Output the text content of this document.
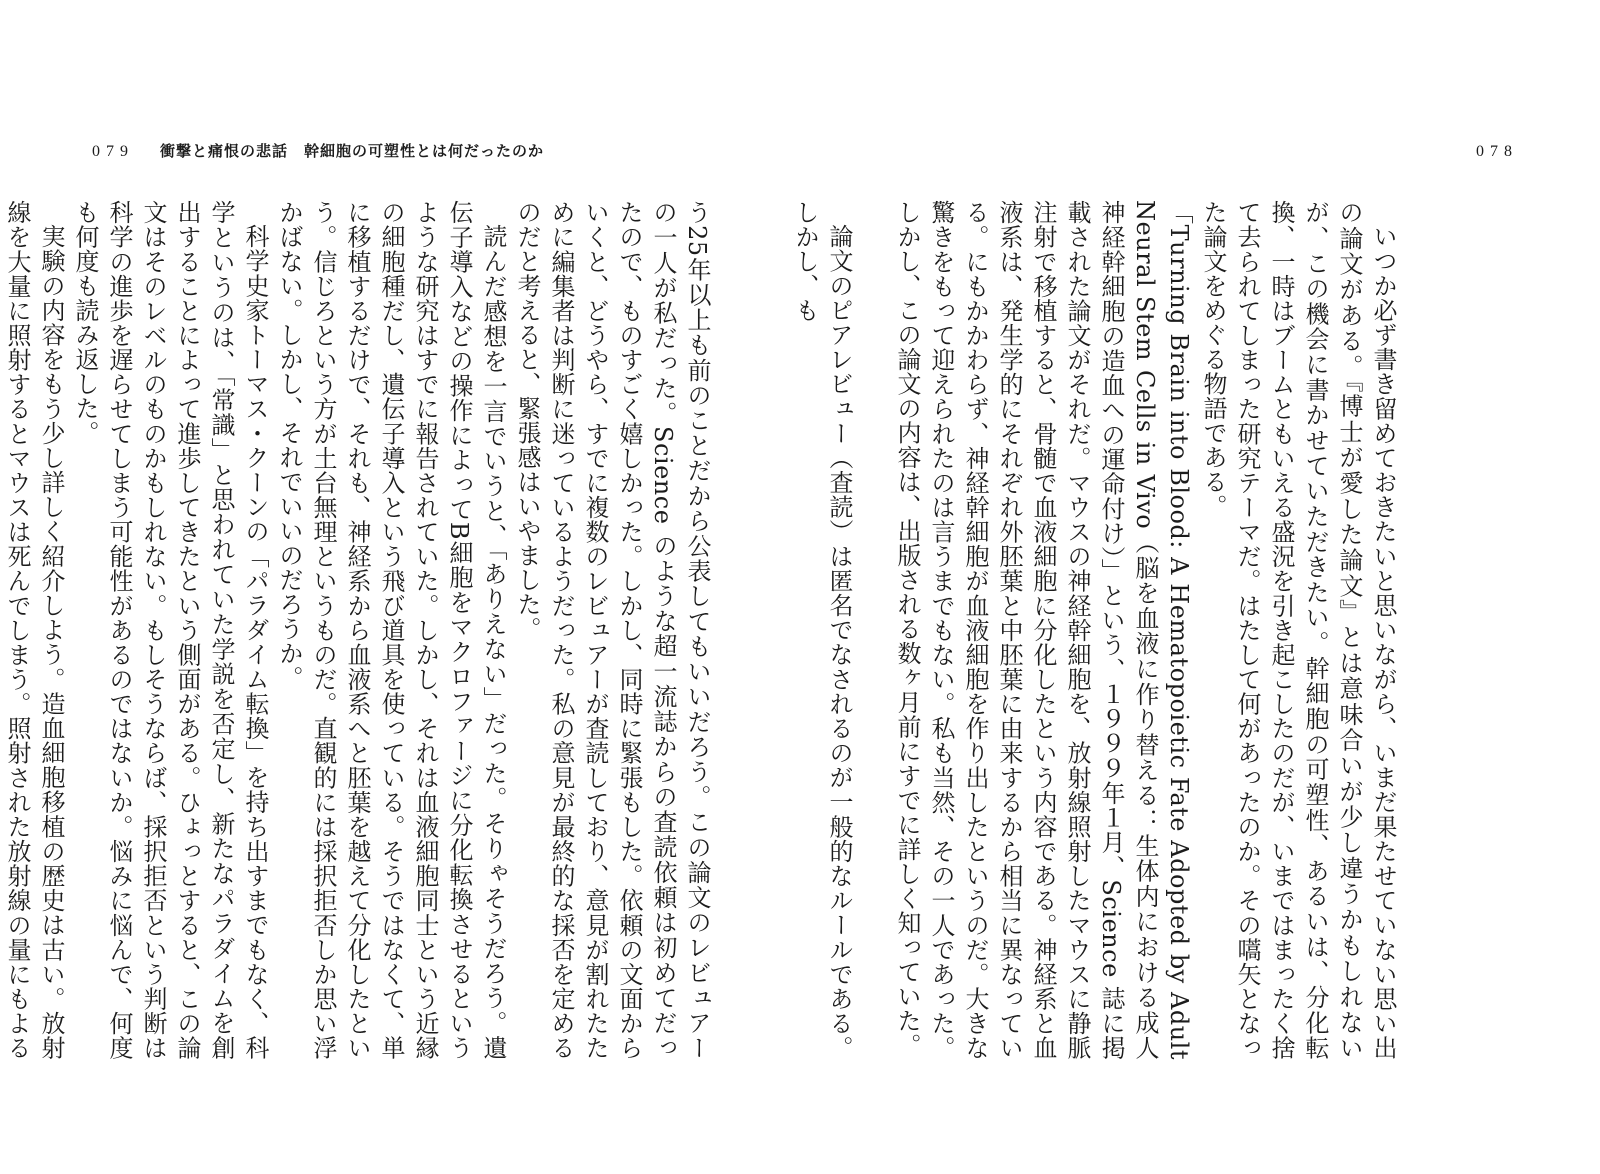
079 衝撃と痛恨の悲話　幹細胞の可塑性とは何だったのか	078

いつか必ず書き留めておきたいと思いながら、いまだ果たせていない思い出の論文がある。『博士が愛した論文』とは意味合いが少し違うかもしれないが、この機会に書かせていただきたい。幹細胞の可塑性、あるいは、分化転換、一時はブームともいえる盛況を引き起こしたのだが、いまではまったく捨て去られてしまった研究テーマだ。はたして何があったのか。その嚆矢となった論文をめぐる物語である。

「Turning Brain into Blood: A Hematopoietic Fate Adopted by Adult Neural Stem Cells in Vivo（脳を血液に作り替える：生体内における成人神経幹細胞の造血への運命付け）」という、１９９９年１月、Science 誌に掲載された論文がそれだ。マウスの神経幹細胞を、放射線照射したマウスに静脈注射で移植すると、骨髄で血液細胞に分化したという内容である。神経系と血液系は、発生学的にそれぞれ外胚葉と中胚葉に由来するから相当に異なっている。にもかかわらず、神経幹細胞が血液細胞を作り出したというのだ。大きな驚きをもって迎えられたのは言うまでもない。私も当然、その一人であった。しかし、この論文の内容は、出版される数ヶ月前にすでに詳しく知っていた。

論文のピアレビュー（査読）は匿名でなされるのが一般的なルールである。しかし、も

う25年以上も前のことだから公表してもいいだろう。この論文のレビュアーの一人が私だった。Science のような超一流誌からの査読依頼は初めてだったので、ものすごく嬉しかった。しかし、同時に緊張もした。依頼の文面からいくと、どうやら、すでに複数のレビュアーが査読しており、意見が割れたために編集者は判断に迷っているようだった。私の意見が最終的な採否を定めるのだと考えると、緊張感はいやました。

読んだ感想を一言でいうと、「ありえない」だった。そりゃそうだろう。遺伝子導入などの操作によってB細胞をマクロファージに分化転換させるというような研究はすでに報告されていた。しかし、それは血液細胞同士という近縁の細胞種だし、遺伝子導入という飛び道具を使っている。そうではなくて、単に移植するだけで、それも、神経系から血液系へと胚葉を越えて分化したという。信じろという方が土台無理というものだ。直観的には採択拒否しか思い浮かばない。しかし、それでいいのだろうか。

科学史家トーマス・クーンの「パラダイム転換」を持ち出すまでもなく、科学というのは、「常識」と思われていた学説を否定し、新たなパラダイムを創出することによって進歩してきたという側面がある。ひょっとすると、この論文はそのレベルのものかもしれない。もしそうならば、採択拒否という判断は科学の進歩を遅らせてしまう可能性があるのではないか。悩みに悩んで、何度も何度も読み返した。

実験の内容をもう少し詳しく紹介しよう。造血細胞移植の歴史は古い。放射線を大量に照射するとマウスは死んでしまう。照射された放射線の量にもよる
